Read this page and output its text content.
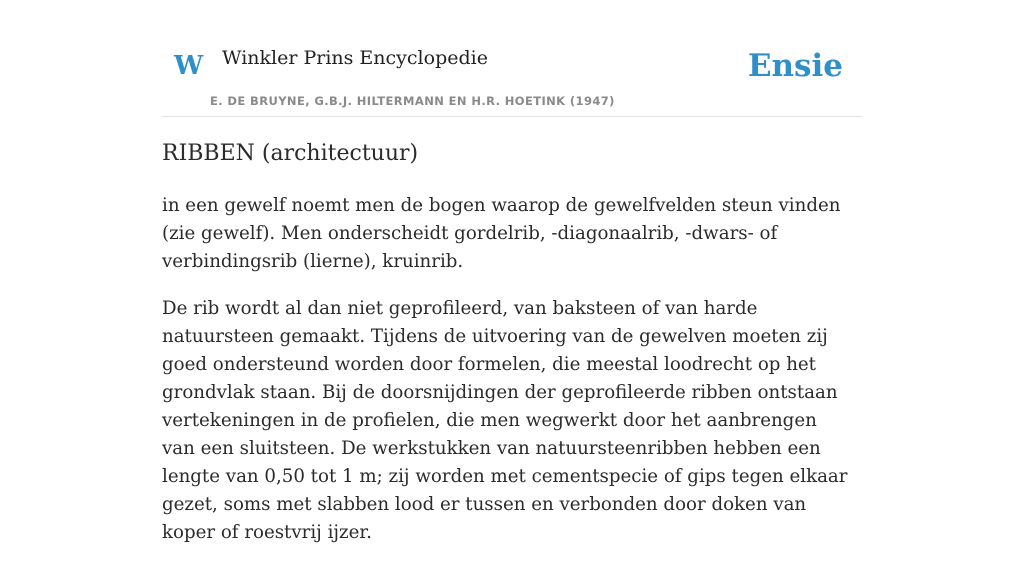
W Winkler Prins Encyclopedie	Ensie
E. DE BRUYNE, G.B.J. HILTERMANN EN H.R. HOETINK (1947)
RIBBEN (architectuur)

in een gewelf noemt men de bogen waarop de gewelfvelden steun vinden (zie gewelf). Men onderscheidt gordelrib, -diagonaalrib, -dwars- of verbindingsrib (lierne), kruinrib.

De rib wordt al dan niet geprofileerd, van baksteen of van harde natuursteen gemaakt. Tijdens de uitvoering van de gewelven moeten zij goed ondersteund worden door formelen, die meestal loodrecht op het grondvlak staan. Bij de doorsnijdingen der geprofileerde ribben ontstaan vertekeningen in de profielen, die men wegwerkt door het aanbrengen van een sluitsteen. De werkstukken van natuursteenribben hebben een lengte van 0,50 tot 1 m; zij worden met cementspecie of gips tegen elkaar gezet, soms met slabben lood er tussen en verbonden door doken van koper of roestvrij ijzer.
